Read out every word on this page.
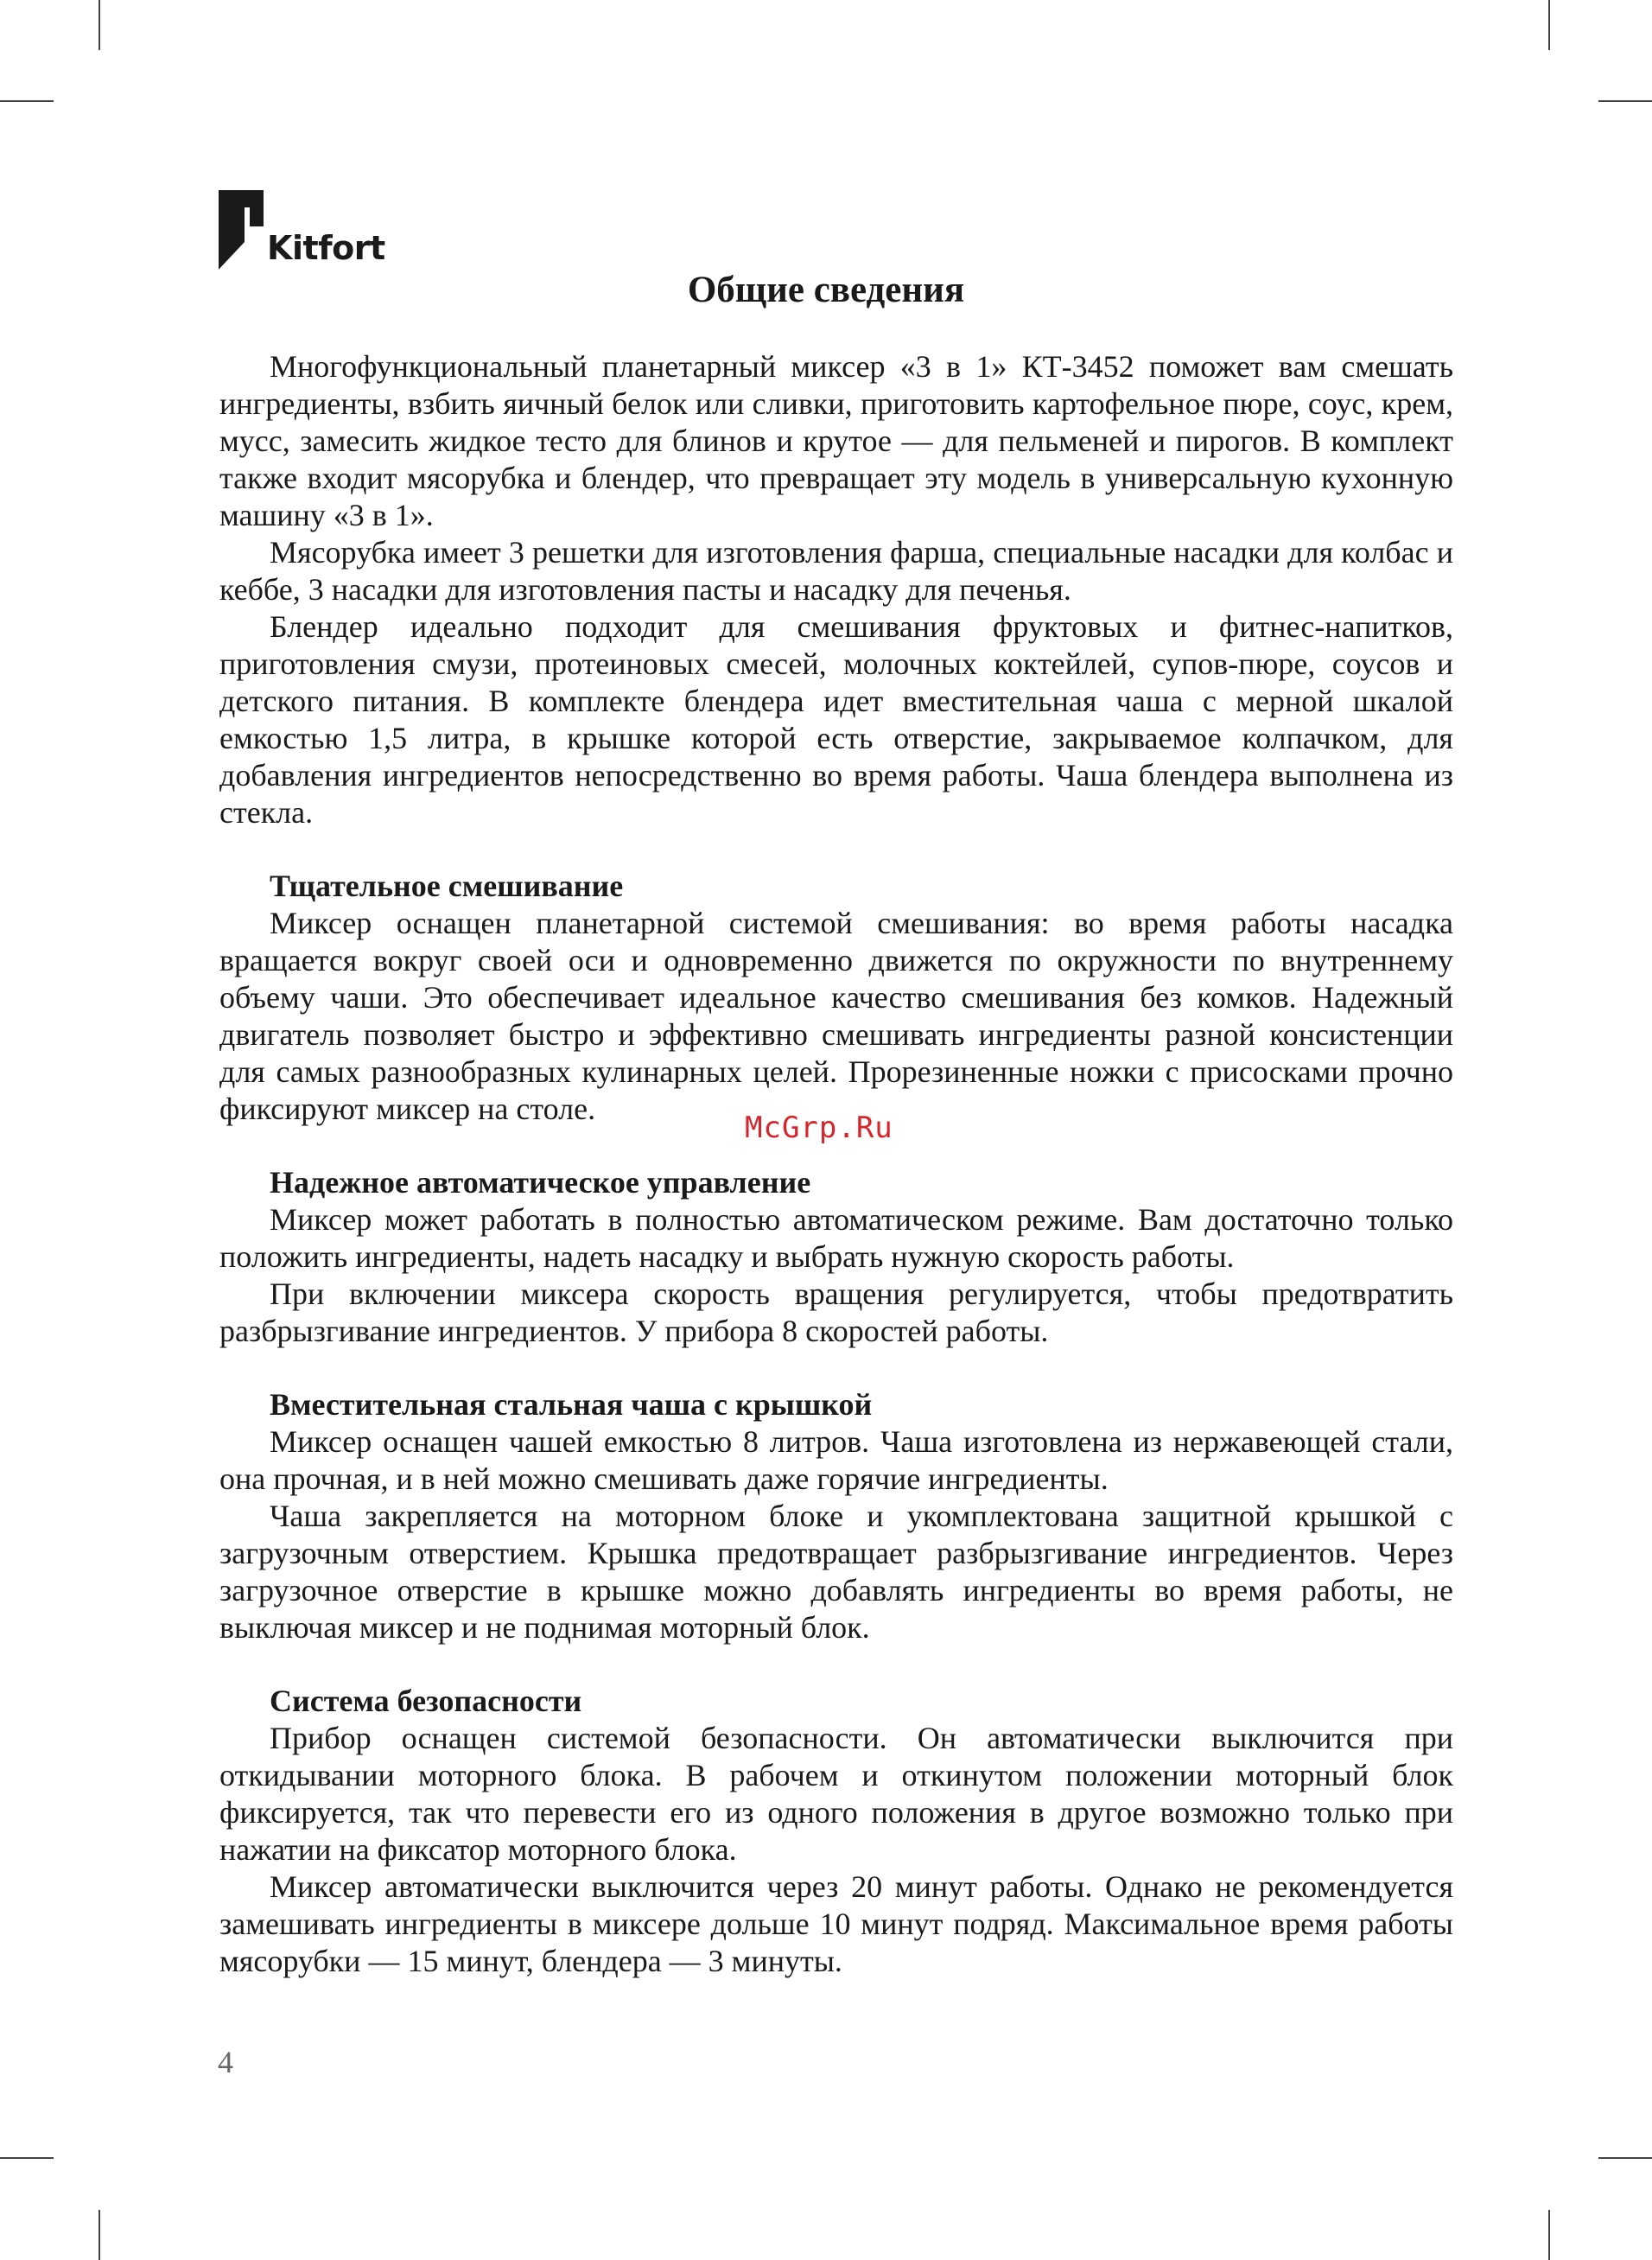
Kitfort
Общие сведения

Многофункциональный планетарный миксер «3 в 1» КТ-3452 поможет вам смешать ингредиенты, взбить яичный белок или сливки, приготовить картофельное пюре, соус, крем, мусс, замесить жидкое тесто для блинов и крутое — для пельменей и пирогов. В комплект также входит мясорубка и блендер, что превращает эту модель в универсальную кухонную машину «3 в 1».

Мясорубка имеет 3 решетки для изготовления фарша, специальные насадки для колбас и кеббе, 3 насадки для изготовления пасты и насадку для печенья.

Блендер идеально подходит для смешивания фруктовых и фитнес-напитков, приготовления смузи, протеиновых смесей, молочных коктейлей, супов-пюре, соусов и детского питания. В комплекте блендера идет вместительная чаша с мерной шкалой емкостью 1,5 литра, в крышке которой есть отверстие, закрываемое колпачком, для добавления ингредиентов непосредственно во время работы. Чаша блендера выполнена из стекла.

Тщательное смешивание

Миксер оснащен планетарной системой смешивания: во время работы насадка вращается вокруг своей оси и одновременно движется по окружности по внутреннему объему чаши. Это обеспечивает идеальное качество смешивания без комков. Надежный двигатель позволяет быстро и эффективно смешивать ингредиенты разной консистенции для самых разнообразных кулинарных целей. Прорезиненные ножки с присосками прочно фиксируют миксер на столе.

Надежное автоматическое управление

Миксер может работать в полностью автоматическом режиме. Вам достаточно только положить ингредиенты, надеть насадку и выбрать нужную скорость работы.

При включении миксера скорость вращения регулируется, чтобы предотвратить разбрызгивание ингредиентов. У прибора 8 скоростей работы.

Вместительная стальная чаша с крышкой

Миксер оснащен чашей емкостью 8 литров. Чаша изготовлена из нержавеющей стали, она прочная, и в ней можно смешивать даже горячие ингредиенты.

Чаша закрепляется на моторном блоке и укомплектована защитной крышкой с загрузочным отверстием. Крышка предотвращает разбрызгивание ингредиентов. Через загрузочное отверстие в крышке можно добавлять ингредиенты во время работы, не выключая миксер и не поднимая моторный блок.

Система безопасности

Прибор оснащен системой безопасности. Он автоматически выключится при откидывании моторного блока. В рабочем и откинутом положении моторный блок фиксируется, так что перевести его из одного положения в другое возможно только при нажатии на фиксатор моторного блока.

Миксер автоматически выключится через 20 минут работы. Однако не рекомендуется замешивать ингредиенты в миксере дольше 10 минут подряд. Максимальное время работы мясорубки — 15 минут, блендера — 3 минуты.

McGrp.Ru
4
